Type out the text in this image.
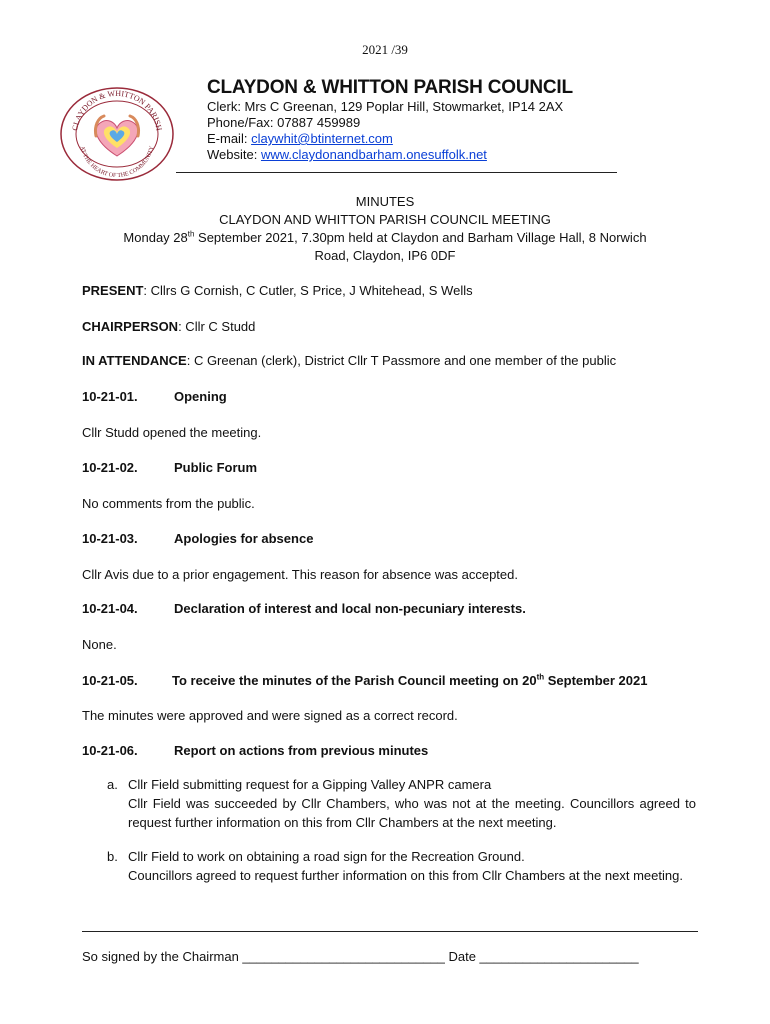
2021 /39
CLAYDON & WHITTON PARISH
AT THE HEART OF THE COMMUNITY
CLAYDON & WHITTON PARISH COUNCIL
Clerk: Mrs C Greenan, 129 Poplar Hill, Stowmarket, IP14 2AX
Phone/Fax: 07887 459989
E-mail: claywhit@btinternet.com
Website: www.claydonandbarham.onesuffolk.net
MINUTES
CLAYDON AND WHITTON PARISH COUNCIL MEETING
Monday 28th September 2021, 7.30pm held at Claydon and Barham Village Hall, 8 Norwich
Road, Claydon, IP6 0DF
PRESENT: Cllrs G Cornish, C Cutler, S Price, J Whitehead, S Wells
CHAIRPERSON: Cllr C Studd
IN ATTENDANCE: C Greenan (clerk), District Cllr T Passmore and one member of the public
10-21-01.	Opening
Cllr Studd opened the meeting.
10-21-02.	Public Forum
No comments from the public.
10-21-03.	Apologies for absence
Cllr Avis due to a prior engagement. This reason for absence was accepted.
10-21-04.	Declaration of interest and local non-pecuniary interests.
None.
10-21-05.	To receive the minutes of the Parish Council meeting on 20th September 2021
The minutes were approved and were signed as a correct record.
10-21-06.	Report on actions from previous minutes
a. Cllr Field submitting request for a Gipping Valley ANPR camera
Cllr Field was succeeded by Cllr Chambers, who was not at the meeting. Councillors agreed to request further information on this from Cllr Chambers at the next meeting.
b. Cllr Field to work on obtaining a road sign for the Recreation Ground.
Councillors agreed to request further information on this from Cllr Chambers at the next meeting.
So signed by the Chairman ____________________________ Date ______________________
